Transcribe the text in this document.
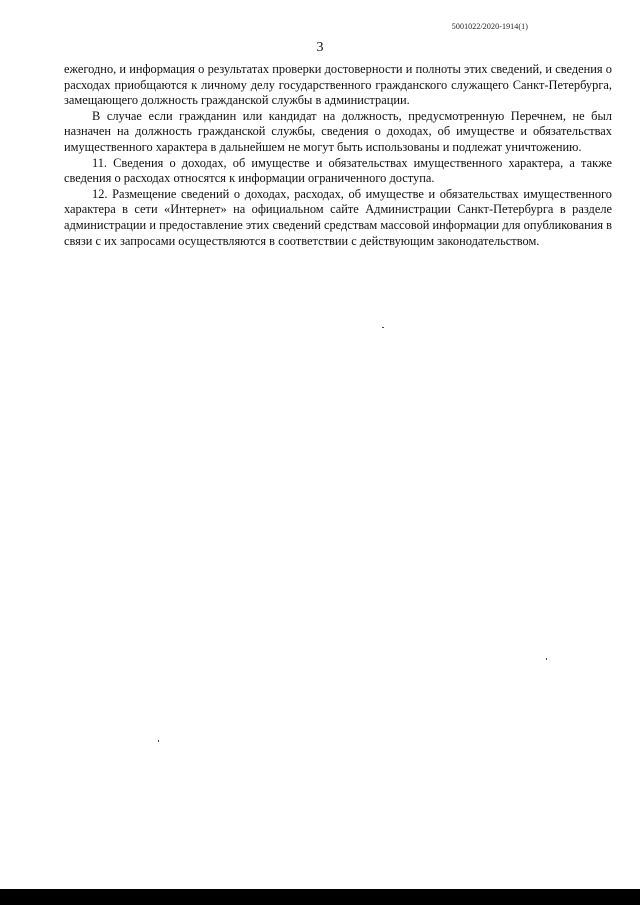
5001022/2020-1914(1)
3

ежегодно, и информация о результатах проверки достоверности и полноты этих сведений, и сведения о расходах приобщаются к личному делу государственного гражданского служащего Санкт-Петербурга, замещающего должность гражданской службы в администрации.

В случае если гражданин или кандидат на должность, предусмотренную Перечнем, не был назначен на должность гражданской службы, сведения о доходах, об имуществе и обязательствах имущественного характера в дальнейшем не могут быть использованы и подлежат уничтожению.

11. Сведения о доходах, об имуществе и обязательствах имущественного характера, а также сведения о расходах относятся к информации ограниченного доступа.

12. Размещение сведений о доходах, расходах, об имуществе и обязательствах имущественного характера в сети «Интернет» на официальном сайте Администрации Санкт-Петербурга в разделе администрации и предоставление этих сведений средствам массовой информации для опубликования в связи с их запросами осуществляются в соответствии с действующим законодательством.
